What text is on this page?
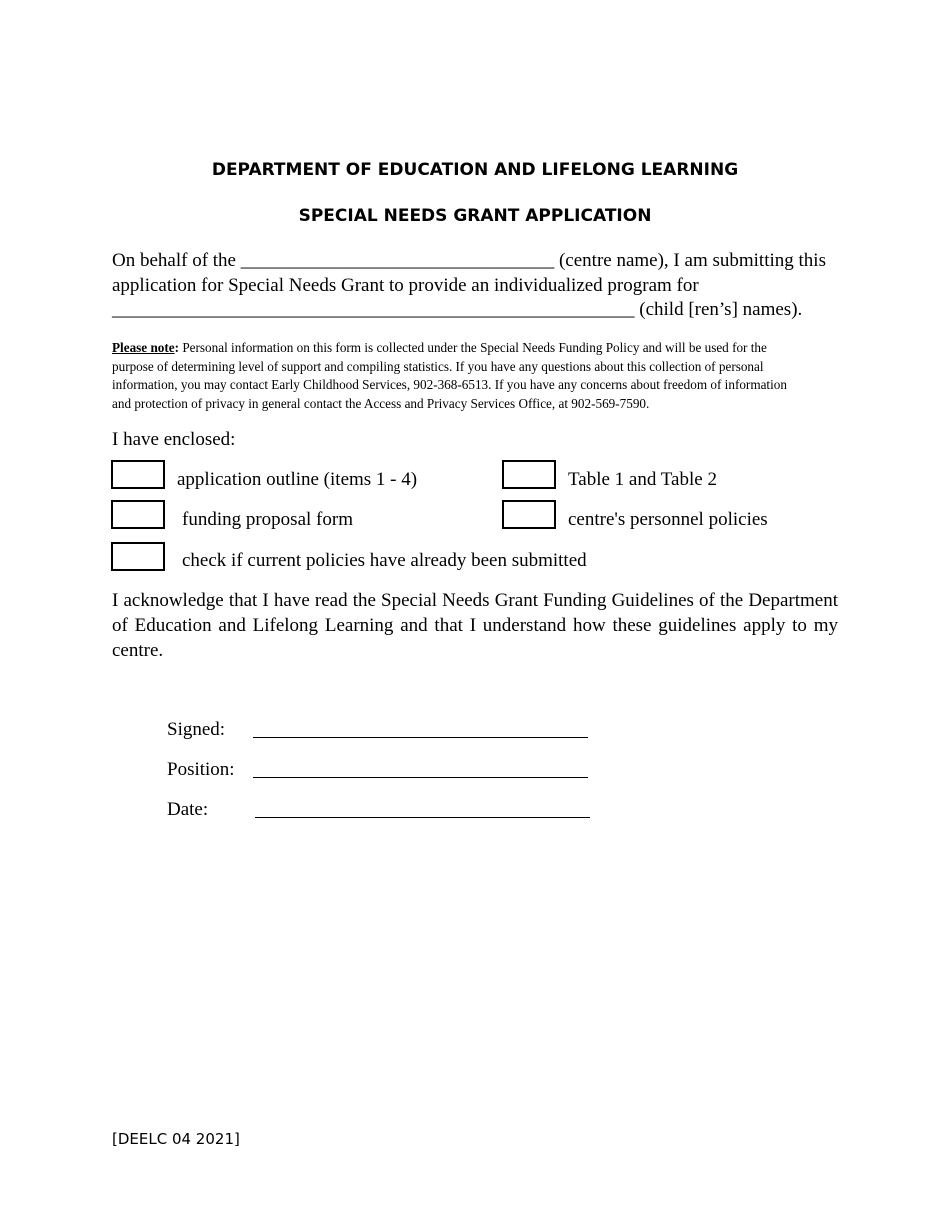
DEPARTMENT OF EDUCATION AND LIFELONG LEARNING
SPECIAL NEEDS GRANT APPLICATION
On behalf of the _________________________________ (centre name), I am submitting this
application for Special Needs Grant to provide an individualized program for
_______________________________________________________ (child [ren’s] names).
Please note: Personal information on this form is collected under the Special Needs Funding Policy and will be used for the
purpose of determining level of support and compiling statistics. If you have any questions about this collection of personal
information, you may contact Early Childhood Services, 902-368-6513. If you have any concerns about freedom of information
and protection of privacy in general contact the Access and Privacy Services Office, at 902-569-7590.
I have enclosed:
application outline (items 1 - 4)	Table 1 and Table 2
funding proposal form	centre's personnel policies
check if current policies have already been submitted
I acknowledge that I have read the Special Needs Grant Funding Guidelines of the Department
of Education and Lifelong Learning and that I understand how these guidelines apply to my
centre.
Signed:
Position:
Date:
[DEELC 04 2021]
